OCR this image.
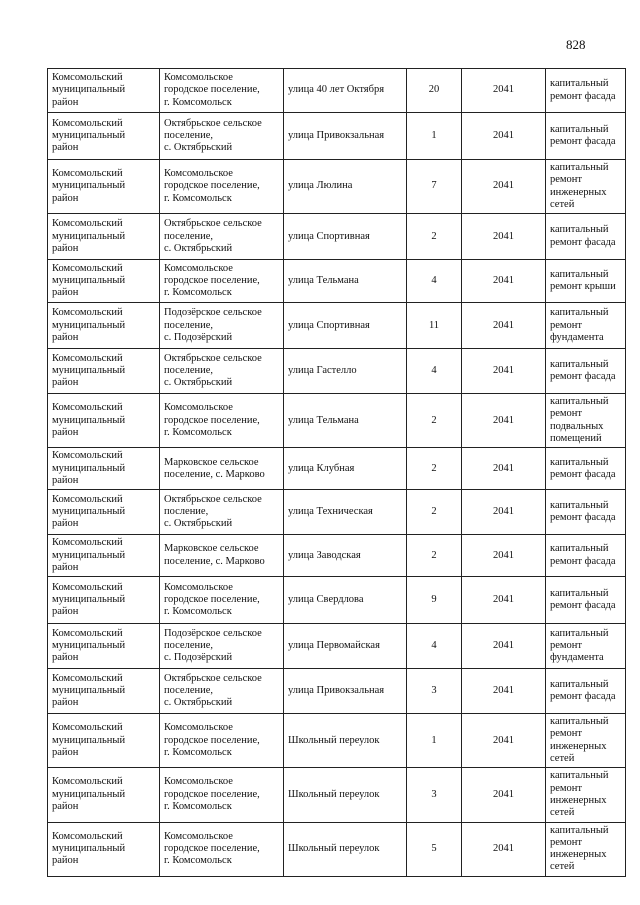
828
Комсомольский
муниципальный
район	Комсомольское
городское поселение,
г. Комсомольск	улица 40 лет Октября	20	2041	капитальный
ремонт фасада

Комсомольский
муниципальный
район	Октябрьское сельское
поселение,
с. Октябрьский	улица Привокзальная	1	2041	капитальный
ремонт фасада

Комсомольский
муниципальный
район	Комсомольское
городское поселение,
г. Комсомольск	улица Люлина	7	2041	капитальный
ремонт
инженерных
сетей

Комсомольский
муниципальный
район	Октябрьское сельское
поселение,
с. Октябрьский	улица Спортивная	2	2041	капитальный
ремонт фасада

Комсомольский
муниципальный
район	Комсомольское
городское поселение,
г. Комсомольск	улица Тельмана	4	2041	капитальный
ремонт крыши

Комсомольский
муниципальный
район	Подозёрское сельское
поселение,
с. Подозёрский	улица Спортивная	11	2041	капитальный
ремонт
фундамента

Комсомольский
муниципальный
район	Октябрьское сельское
поселение,
с. Октябрьский	улица Гастелло	4	2041	капитальный
ремонт фасада

Комсомольский
муниципальный
район	Комсомольское
городское поселение,
г. Комсомольск	улица Тельмана	2	2041	капитальный
ремонт
подвальных
помещений

Комсомольский
муниципальный
район	Марковское сельское
поселение, с. Марково	улица Клубная	2	2041	капитальный
ремонт фасада

Комсомольский
муниципальный
район	Октябрьское сельское
посление,
с. Октябрьский	улица Техническая	2	2041	капитальный
ремонт фасада

Комсомольский
муниципальный
район	Марковское сельское
поселение, с. Марково	улица Заводская	2	2041	капитальный
ремонт фасада

Комсомольский
муниципальный
район	Комсомольское
городское поселение,
г. Комсомольск	улица Свердлова	9	2041	капитальный
ремонт фасада

Комсомольский
муниципальный
район	Подозёрское сельское
поселение,
с. Подозёрский	улица Первомайская	4	2041	капитальный
ремонт
фундамента

Комсомольский
муниципальный
район	Октябрьское сельское
поселение,
с. Октябрьский	улица Привокзальная	3	2041	капитальный
ремонт фасада

Комсомольский
муниципальный
район	Комсомольское
городское поселение,
г. Комсомольск	Школьный переулок	1	2041	капитальный
ремонт
инженерных
сетей

Комсомольский
муниципальный
район	Комсомольское
городское поселение,
г. Комсомольск	Школьный переулок	3	2041	капитальный
ремонт
инженерных
сетей

Комсомольский
муниципальный
район	Комсомольское
городское поселение,
г. Комсомольск	Школьный переулок	5	2041	капитальный
ремонт
инженерных
сетей
